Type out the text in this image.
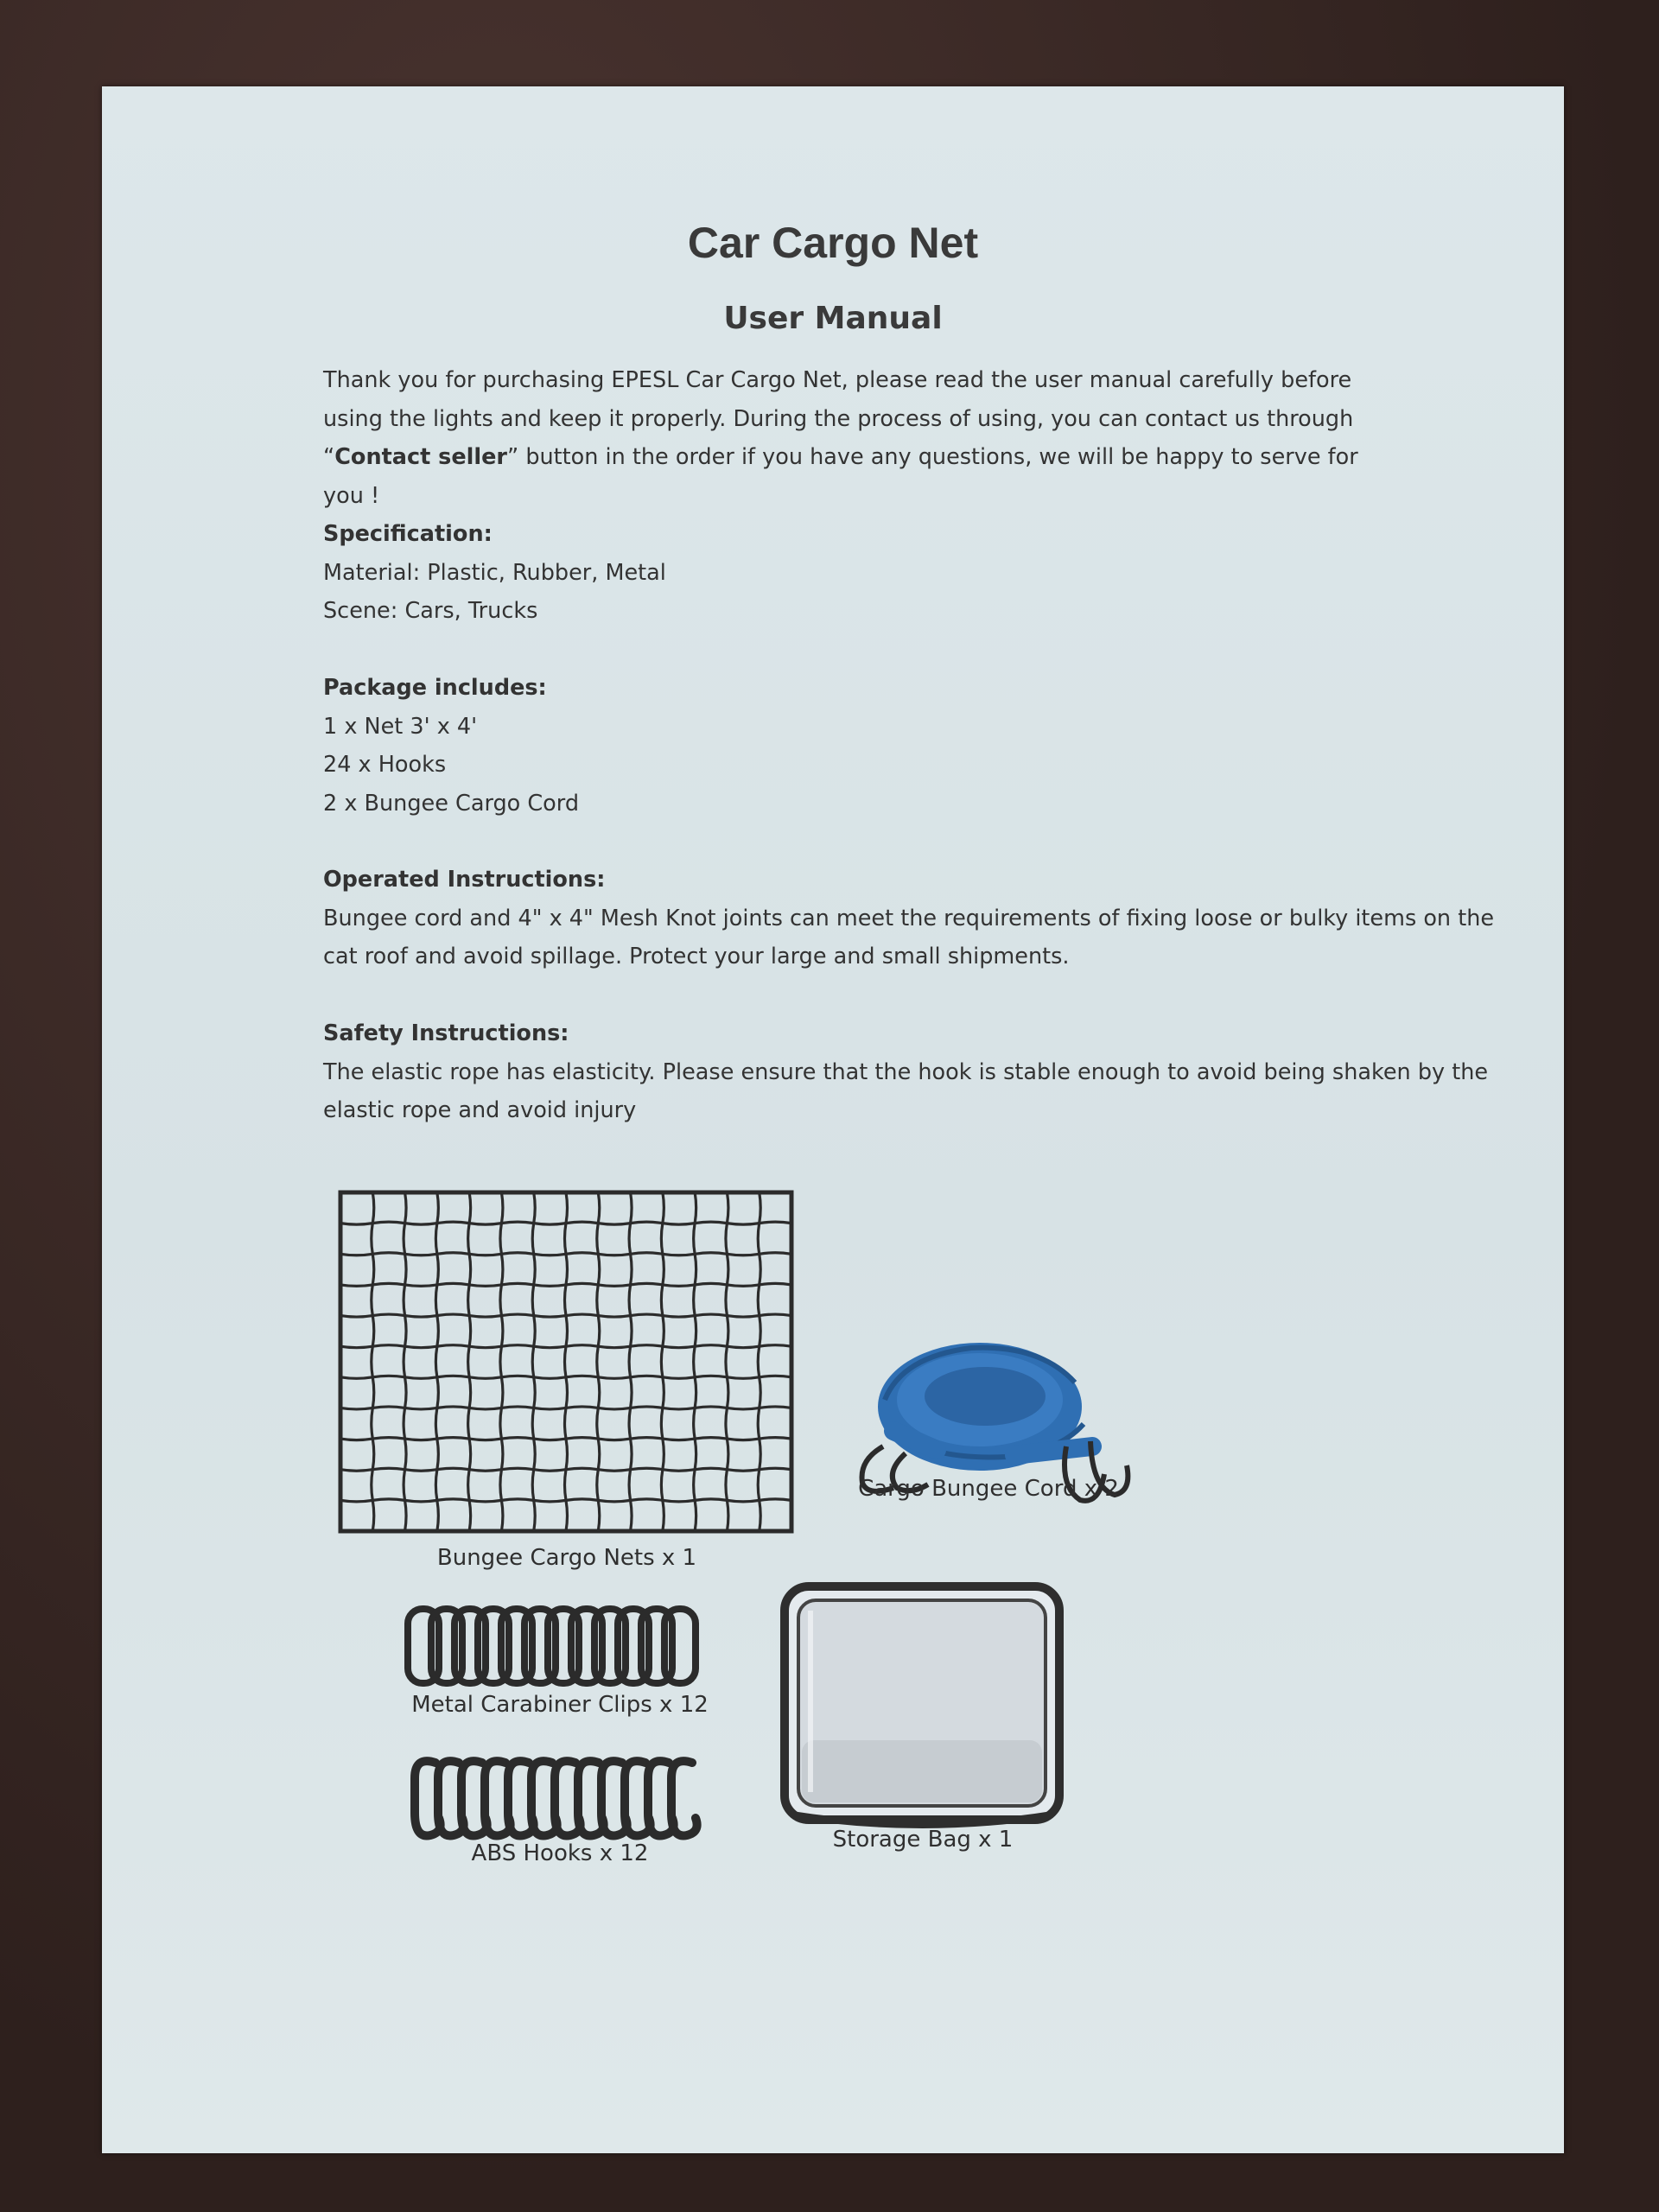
Car Cargo Net
User Manual
Thank you for purchasing EPESL Car Cargo Net, please read the user manual carefully before using the lights and keep it properly. During the process of using, you can contact us through “Contact seller” button in the order if you have any questions, we will be happy to serve for you !
Specification:
Material: Plastic, Rubber, Metal
Scene: Cars, Trucks
Package includes:
1 x Net 3' x 4'
24 x Hooks
2 x Bungee Cargo Cord
Operated Instructions:
Bungee cord and 4" x 4" Mesh Knot joints can meet the requirements of fixing loose or bulky items on the cat roof and avoid spillage. Protect your large and small shipments.
Safety Instructions:
The elastic rope has elasticity. Please ensure that the hook is stable enough to avoid being shaken by the elastic rope and avoid injury
Bungee Cargo Nets x 1
Cargo Bungee Cord x 2
Metal Carabiner Clips x 12
ABS Hooks x 12
Storage Bag x 1
